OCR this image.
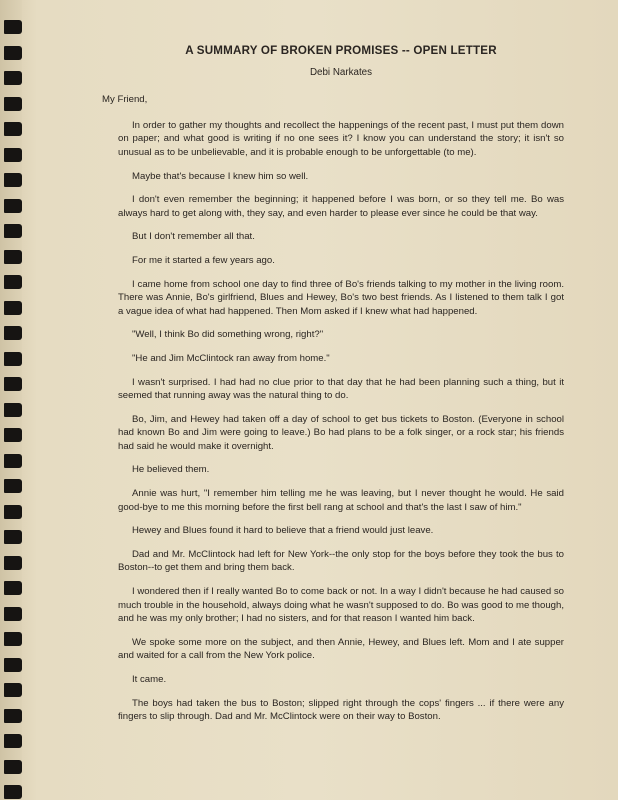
A SUMMARY OF BROKEN PROMISES -- OPEN LETTER
Debi Narkates
My Friend,

In order to gather my thoughts and recollect the happenings of the recent past, I must put them down on paper; and what good is writing if no one sees it? I know you can understand the story; it isn't so unusual as to be unbelievable, and it is probable enough to be unforgettable (to me).

Maybe that's because I knew him so well.

I don't even remember the beginning; it happened before I was born, or so they tell me. Bo was always hard to get along with, they say, and even harder to please ever since he could be that way.

But I don't remember all that.

For me it started a few years ago.

I came home from school one day to find three of Bo's friends talking to my mother in the living room. There was Annie, Bo's girlfriend, Blues and Hewey, Bo's two best friends. As I listened to them talk I got a vague idea of what had happened. Then Mom asked if I knew what had happened.

"Well, I think Bo did something wrong, right?"

"He and Jim McClintock ran away from home."

I wasn't surprised. I had had no clue prior to that day that he had been planning such a thing, but it seemed that running away was the natural thing to do.

Bo, Jim, and Hewey had taken off a day of school to get bus tickets to Boston. (Everyone in school had known Bo and Jim were going to leave.) Bo had plans to be a folk singer, or a rock star; his friends had said he would make it overnight.

He believed them.

Annie was hurt, "I remember him telling me he was leaving, but I never thought he would. He said good-bye to me this morning before the first bell rang at school and that's the last I saw of him."

Hewey and Blues found it hard to believe that a friend would just leave.

Dad and Mr. McClintock had left for New York--the only stop for the boys before they took the bus to Boston--to get them and bring them back.

I wondered then if I really wanted Bo to come back or not. In a way I didn't because he had caused so much trouble in the household, always doing what he wasn't supposed to do. Bo was good to me though, and he was my only brother; I had no sisters, and for that reason I wanted him back.

We spoke some more on the subject, and then Annie, Hewey, and Blues left. Mom and I ate supper and waited for a call from the New York police.

It came.

The boys had taken the bus to Boston; slipped right through the cops' fingers ... if there were any fingers to slip through. Dad and Mr. McClintock were on their way to Boston.
